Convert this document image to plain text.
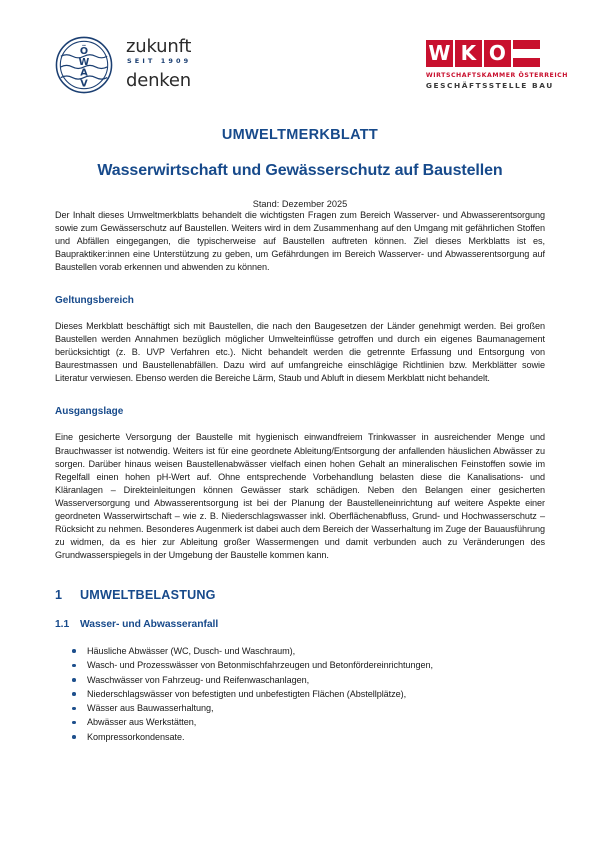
Ö
W
A
V
zukunft
SEIT 1909
denken
W K O
WIRTSCHAFTSKAMMER ÖSTERREICH
GESCHÄFTSSTELLE BAU
UMWELTMERKBLATT
Wasserwirtschaft und Gewässerschutz auf Baustellen
Stand: Dezember 2025

Der Inhalt dieses Umweltmerkblatts behandelt die wichtigsten Fragen zum Bereich Wasserver- und Abwasserentsorgung sowie zum Gewässerschutz auf Baustellen. Weiters wird in dem Zusammenhang auf den Umgang mit gefährlichen Stoffen und Abfällen eingegangen, die typischerweise auf Baustellen auftreten können. Ziel dieses Merkblatts ist es, Baupraktiker:innen eine Unterstützung zu geben, um Gefährdungen im Bereich Wasserver- und Abwasserentsorgung auf Baustellen vorab erkennen und abwenden zu können.

Geltungsbereich

Dieses Merkblatt beschäftigt sich mit Baustellen, die nach den Baugesetzen der Länder genehmigt werden. Bei großen Baustellen werden Annahmen bezüglich möglicher Umwelteinflüsse getroffen und durch ein eigenes Baumanagement berücksichtigt (z. B. UVP Verfahren etc.). Nicht behandelt werden die getrennte Erfassung und Entsorgung von Baurestmassen und Baustellenabfällen. Dazu wird auf umfangreiche einschlägige Richtlinien bzw. Merkblätter sowie Literatur verwiesen. Ebenso werden die Bereiche Lärm, Staub und Abluft in diesem Merkblatt nicht behandelt.

Ausgangslage

Eine gesicherte Versorgung der Baustelle mit hygienisch einwandfreiem Trinkwasser in ausreichender Menge und Brauchwasser ist notwendig. Weiters ist für eine geordnete Ableitung/Entsorgung der anfallenden häuslichen Abwässer zu sorgen. Darüber hinaus weisen Baustellenabwässer vielfach einen hohen Gehalt an mineralischen Feinstoffen sowie im Regelfall einen hohen pH-Wert auf. Ohne entsprechende Vorbehandlung belasten diese die Kanalisations- und Kläranlagen – Direkteinleitungen können Gewässer stark schädigen. Neben den Belangen einer gesicherten Wasserversorgung und Abwasserentsorgung ist bei der Planung der Baustelleneinrichtung auf weitere Aspekte einer geordneten Wasserwirtschaft – wie z. B. Niederschlagswasser inkl. Oberflächenabfluss, Grund- und Hochwasserschutz – Rücksicht zu nehmen. Besonderes Augenmerk ist dabei auch dem Bereich der Wasserhaltung im Zuge der Bauausführung zu widmen, da es hier zur Ableitung großer Wassermengen und damit verbunden auch zu Veränderungen des Grundwasserspiegels in der Umgebung der Baustelle kommen kann.

1	UMWELTBELASTUNG
1.1	Wasser- und Abwasseranfall
Häusliche Abwässer (WC, Dusch- und Waschraum),
Wasch- und Prozesswässer von Betonmischfahrzeugen und Betonfördereinrichtungen,
Waschwässer von Fahrzeug- und Reifenwaschanlagen,
Niederschlagswässer von befestigten und unbefestigten Flächen (Abstellplätze),
Wässer aus Bauwasserhaltung,
Abwässer aus Werkstätten,
Kompressorkondensate.
